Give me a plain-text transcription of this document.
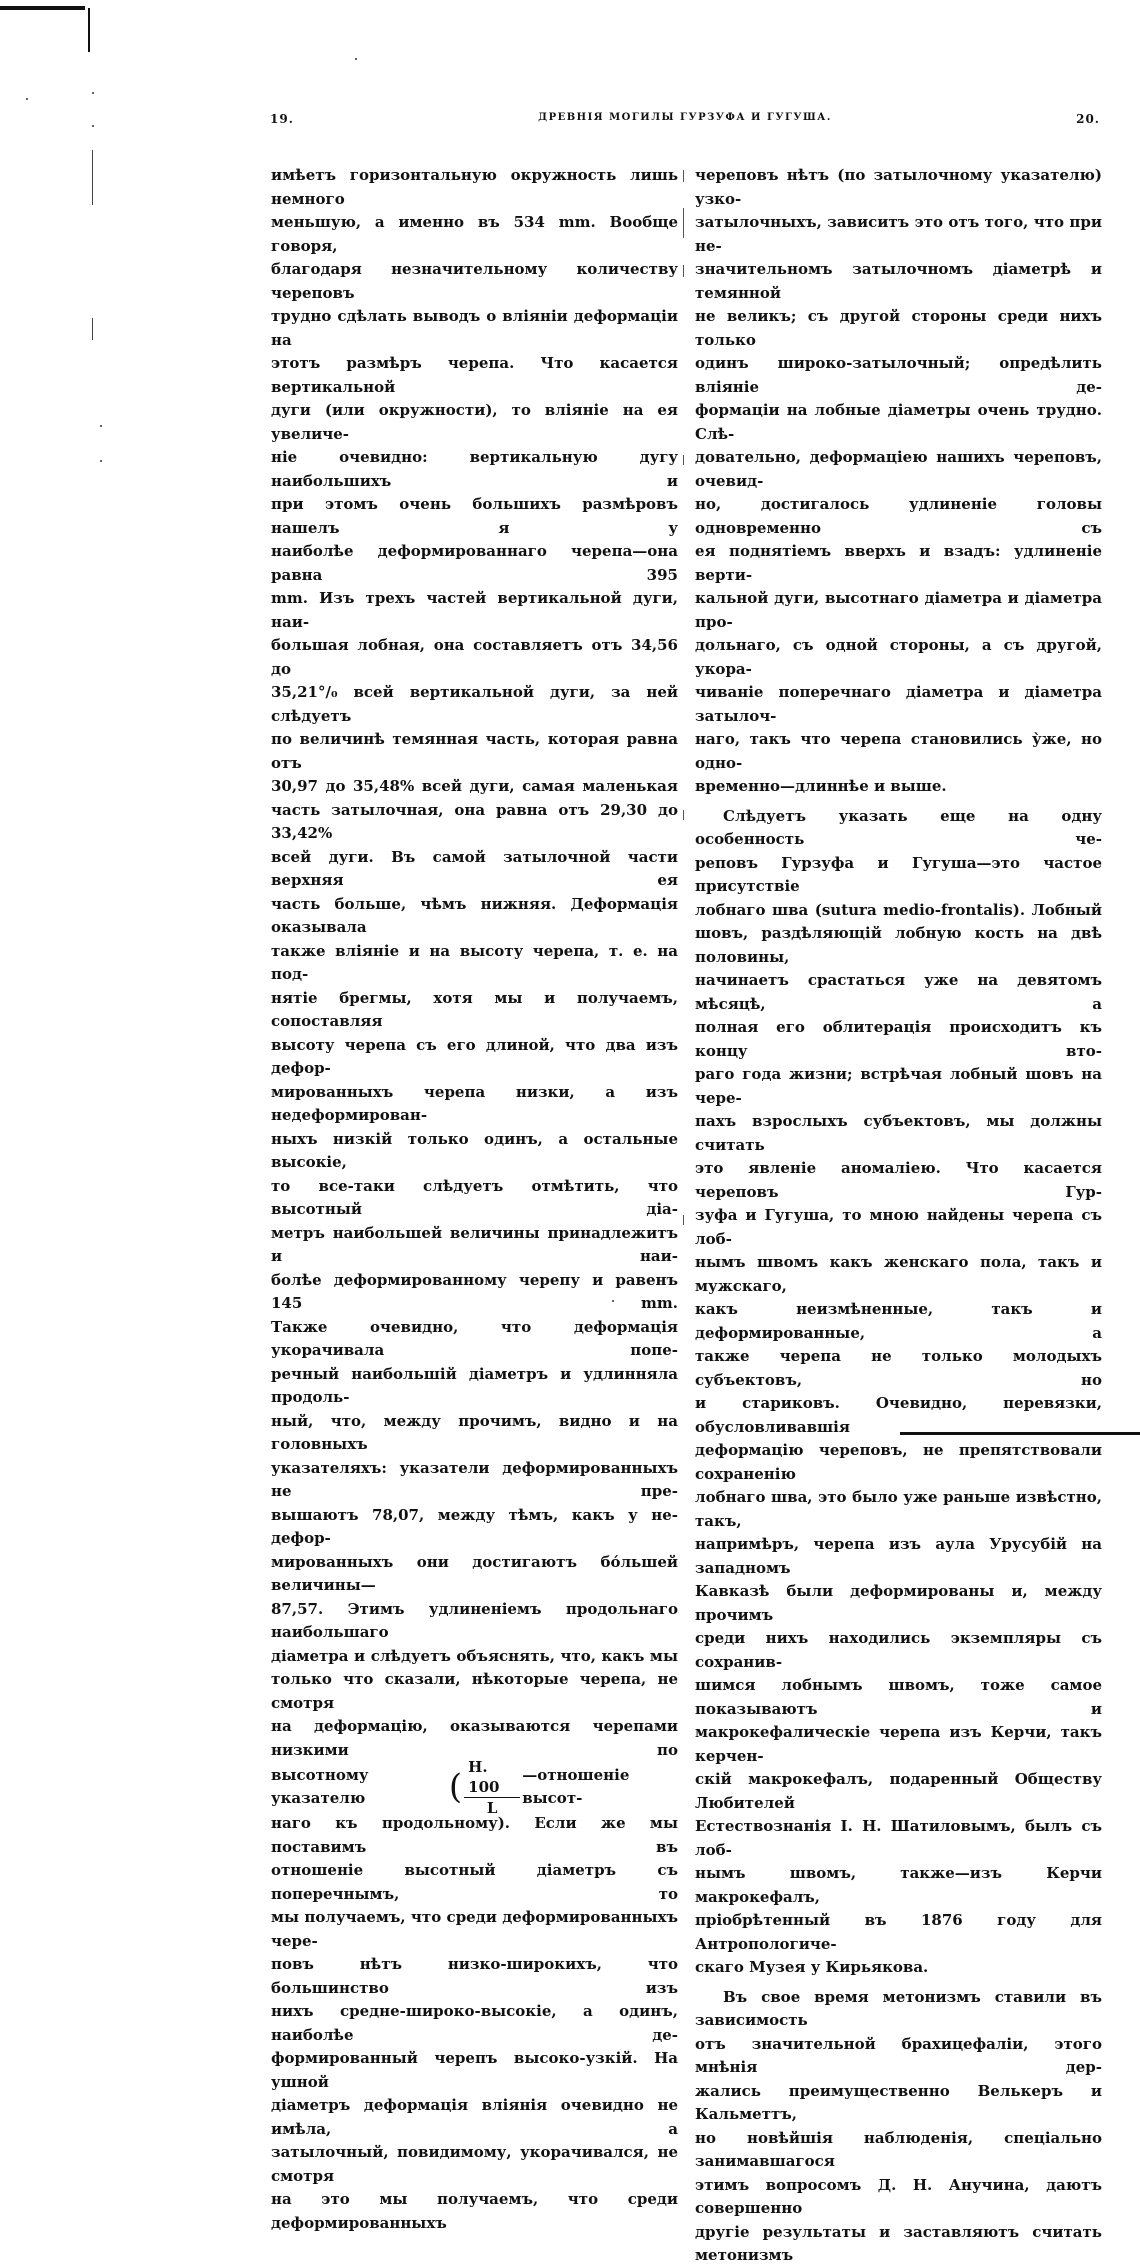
19.	ДРЕВНІЯ МОГИЛЫ ГУРЗУФА И ГУГУША.	20.

имѣетъ горизонтальную окружность лишь немного

меньшую, а именно въ 534 mm. Вообще говоря,

благодаря незначительному количеству череповъ

трудно сдѣлать выводъ о вліяніи деформаціи на

этотъ размѣръ черепа. Что касается вертикальной

дуги (или окружности), то вліяніе на ея увеличе-

ніе очевидно: вертикальную дугу наибольшихъ и

при этомъ очень большихъ размѣровъ нашелъ я у

наиболѣе деформированнаго черепа—она равна 395

mm. Изъ трехъ частей вертикальной дуги, наи-

большая лобная, она составляетъ отъ 34,56 до

35,21°/₀ всей вертикальной дуги, за ней слѣдуетъ

по величинѣ темянная часть, которая равна отъ

30,97 до 35,48% всей дуги, самая маленькая

часть затылочная, она равна отъ 29,30 до 33,42%

всей дуги. Въ самой затылочной части верхняя ея

часть больше, чѣмъ нижняя. Деформація оказывала

также вліяніе и на высоту черепа, т. е. на под-

нятіе брегмы, хотя мы и получаемъ, сопоставляя

высоту черепа съ его длиной, что два изъ дефор-

мированныхъ черепа низки, а изъ недеформирован-

ныхъ низкій только одинъ, а остальные высокіе,

то все-таки слѣдуетъ отмѣтить, что высотный діа-

метръ наибольшей величины принадлежитъ и наи-

болѣе деформированному черепу и равенъ 145 mm.

Также очевидно, что деформація укорачивала попе-

речный наибольшій діаметръ и удлинняла продоль-

ный, что, между прочимъ, видно и на головныхъ

указателяхъ: указатели деформированныхъ не пре-

вышаютъ 78,07, между тѣмъ, какъ у не-дефор-

мированныхъ они достигаютъ бо́льшей величины—

87,57. Этимъ удлиненіемъ продольнаго наибольшаго

діаметра и слѣдуетъ объяснять, что, какъ мы

только что сказали, нѣкоторые черепа, не смотря

на деформацію, оказываются черепами низкими по

высотному указателю	( $\frac{H. 100}{L}$ —отношеніе высот-

наго къ продольному). Если же мы поставимъ въ

отношеніе высотный діаметръ съ поперечнымъ, то

мы получаемъ, что среди деформированныхъ чере-

повъ нѣтъ низко-широкихъ, что большинство изъ

нихъ средне-широко-высокіе, а одинъ, наиболѣе де-

формированный черепъ высоко-узкій. На ушной

діаметръ деформація вліянія очевидно не имѣла, а

затылочный, повидимому, укорачивался, не смотря

на это мы получаемъ, что среди деформированныхъ

череповъ нѣтъ (по затылочному указателю) узко-

затылочныхъ, зависитъ это отъ того, что при не-

значительномъ затылочномъ діаметрѣ и темянной

не великъ; съ другой стороны среди нихъ только

одинъ широко-затылочный; опредѣлить вліяніе де-

формаціи на лобные діаметры очень трудно. Слѣ-

довательно, деформаціею нашихъ череповъ, очевид-

но, достигалось удлиненіе головы одновременно съ

ея поднятіемъ вверхъ и взадъ: удлиненіе верти-

кальной дуги, высотнаго діаметра и діаметра про-

дольнаго, съ одной стороны, а съ другой, укора-

чиваніе поперечнаго діаметра и діаметра затылоч-

наго, такъ что черепа становились у̀же, но одно-

временно—длиннѣе и выше.

Слѣдуетъ указать еще на одну особенность че-

реповъ Гурзуфа и Гугуша—это частое присутствіе

лобнаго шва (sutura medio-frontalis). Лобный

шовъ, раздѣляющій лобную кость на двѣ половины,

начинаетъ срастаться уже на девятомъ мѣсяцѣ, а

полная его облитерація происходитъ къ концу вто-

раго года жизни; встрѣчая лобный шовъ на чере-

пахъ взрослыхъ субъектовъ, мы должны считать

это явленіе аномаліею. Что касается череповъ Гур-

зуфа и Гугуша, то мною найдены черепа съ лоб-

нымъ швомъ какъ женскаго пола, такъ и мужскаго,

какъ неизмѣненные, такъ и деформированные, а

также черепа не только молодыхъ субъектовъ, но

и стариковъ. Очевидно, перевязки, обусловливавшія

деформацію череповъ, не препятствовали сохраненію

лобнаго шва, это было уже раньше извѣстно, такъ,

напримѣръ, черепа изъ аула Урусубій на западномъ

Кавказѣ были деформированы и, между прочимъ

среди нихъ находились экземпляры съ сохранив-

шимся лобнымъ швомъ, тоже самое показываютъ и

макрокефалическіе черепа изъ Керчи, такъ керчен-

скій макрокефалъ, подаренный Обществу Любителей

Естествознанія І. Н. Шатиловымъ, былъ съ лоб-

нымъ швомъ, также—изъ Керчи макрокефалъ,

пріобрѣтенный въ 1876 году для Антропологиче-

скаго Музея у Кирьякова.

Въ свое время метонизмъ ставили въ зависимость

отъ значительной брахицефаліи, этого мнѣнія дер-

жались преимущественно Велькеръ и Кальметтъ,

но новѣйшія наблюденія, спеціально занимавшагося

этимъ вопросомъ Д. Н. Анучина, даютъ совершенно

другіе результаты и заставляютъ считать метонизмъ
